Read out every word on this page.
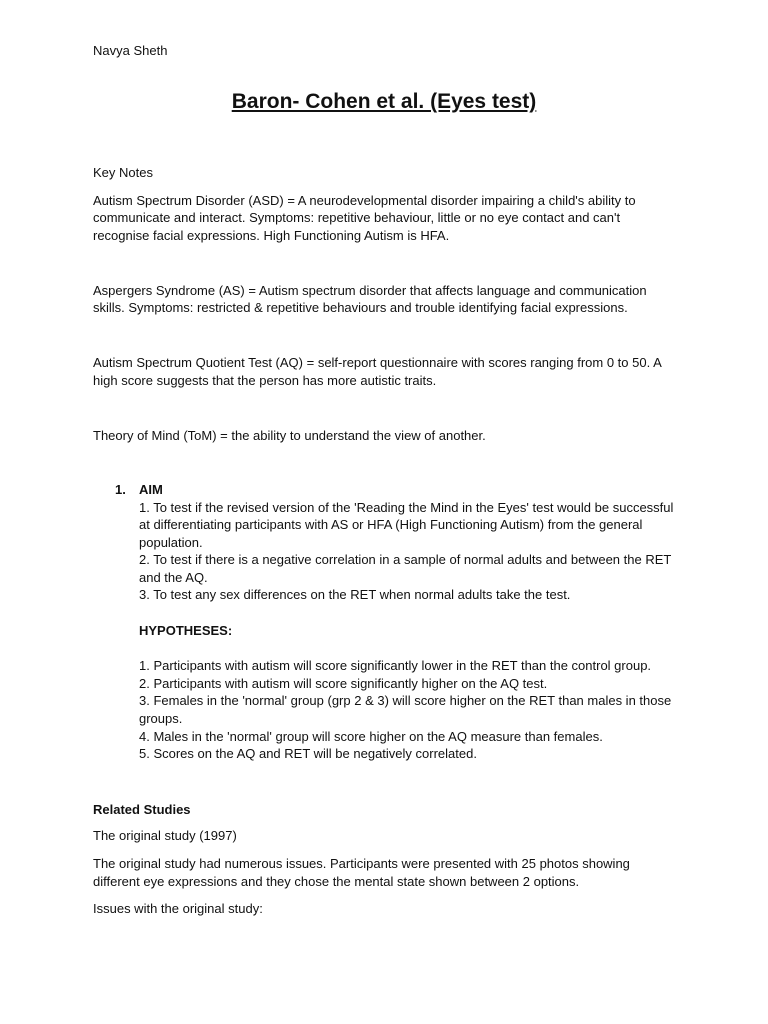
Navya Sheth
Baron- Cohen et al. (Eyes test)
Key Notes
Autism Spectrum Disorder (ASD) = A neurodevelopmental disorder impairing a child's ability to
communicate and interact. Symptoms: repetitive behaviour, little or no eye contact and can't
recognise facial expressions. High Functioning Autism is HFA.
Aspergers Syndrome (AS) = Autism spectrum disorder that affects language and communication
skills. Symptoms: restricted & repetitive behaviours and trouble identifying facial expressions.
Autism Spectrum Quotient Test (AQ) = self-report questionnaire with scores ranging from 0 to 50. A
high score suggests that the person has more autistic traits.
Theory of Mind (ToM) = the ability to understand the view of another.
1. AIM
1. To test if the revised version of the 'Reading the Mind in the Eyes' test would be successful
at differentiating participants with AS or HFA (High Functioning Autism) from the general
population.
2. To test if there is a negative correlation in a sample of normal adults and between the RET
and the AQ.
3. To test any sex differences on the RET when normal adults take the test.
HYPOTHESES:
1. Participants with autism will score significantly lower in the RET than the control group.
2. Participants with autism will score significantly higher on the AQ test.
3. Females in the 'normal' group (grp 2 & 3) will score higher on the RET than males in those
groups.
4. Males in the 'normal' group will score higher on the AQ measure than females.
5. Scores on the AQ and RET will be negatively correlated.
Related Studies
The original study (1997)
The original study had numerous issues. Participants were presented with 25 photos showing
different eye expressions and they chose the mental state shown between 2 options.
Issues with the original study:
